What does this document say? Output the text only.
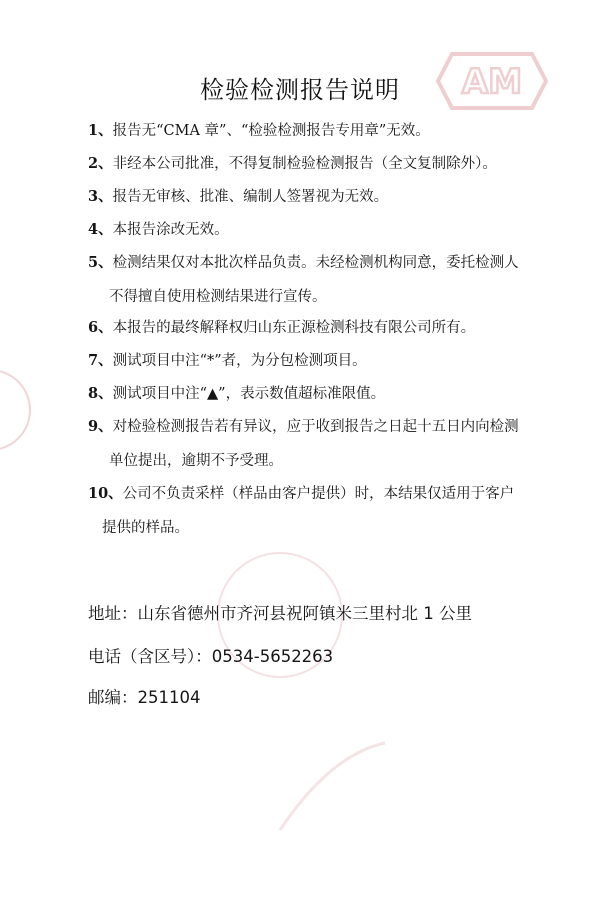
AM
检验检测报告说明
1、报告无“CMA 章”、“检验检测报告专用章”无效。
2、非经本公司批准，不得复制检验检测报告（全文复制除外）。
3、报告无审核、批准、编制人签署视为无效。
4、本报告涂改无效。
5、检测结果仅对本批次样品负责。未经检测机构同意，委托检测人
不得擅自使用检测结果进行宣传。
6、本报告的最终解释权归山东正源检测科技有限公司所有。
7、测试项目中注“*”者，为分包检测项目。
8、测试项目中注“▲”，表示数值超标准限值。
9、对检验检测报告若有异议，应于收到报告之日起十五日内向检测
单位提出，逾期不予受理。
10、公司不负责采样（样品由客户提供）时，本结果仅适用于客户
提供的样品。
地址：山东省德州市齐河县祝阿镇米三里村北 1 公里
电话（含区号）：0534-5652263
邮编：251104
